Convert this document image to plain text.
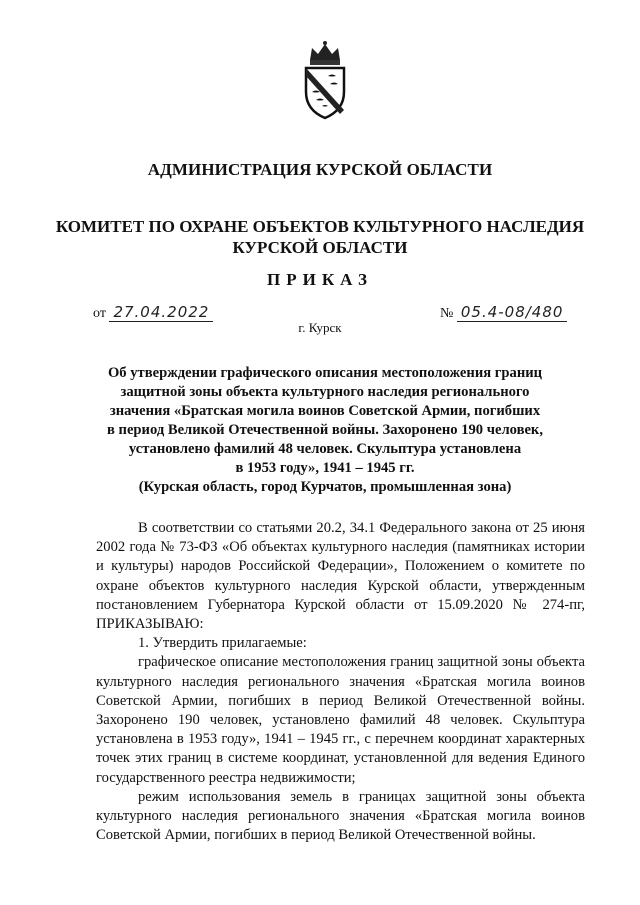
АДМИНИСТРАЦИЯ КУРСКОЙ ОБЛАСТИ
КОМИТЕТ ПО ОХРАНЕ ОБЪЕКТОВ КУЛЬТУРНОГО НАСЛЕДИЯ
КУРСКОЙ ОБЛАСТИ
ПРИКАЗ
от 27.04.2022	№ 05.4-08/480
г. Курск
Об утверждении графического описания местоположения границ
защитной зоны объекта культурного наследия регионального
значения «Братская могила воинов Советской Армии, погибших
в период Великой Отечественной войны. Захоронено 190 человек,
установлено фамилий 48 человек. Скульптура установлена
в 1953 году», 1941 – 1945 гг.
(Курская область, город Курчатов, промышленная зона)

В соответствии со статьями 20.2, 34.1 Федерального закона от 25 июня 2002 года № 73-ФЗ «Об объектах культурного наследия (памятниках истории и культуры) народов Российской Федерации», Положением о комитете по охране объектов культурного наследия Курской области, утвержденным постановлением Губернатора Курской области от 15.09.2020 № 274-пг, ПРИКАЗЫВАЮ:

1. Утвердить прилагаемые:

графическое описание местоположения границ защитной зоны объекта культурного наследия регионального значения «Братская могила воинов Советской Армии, погибших в период Великой Отечественной войны. Захоронено 190 человек, установлено фамилий 48 человек. Скульптура установлена в 1953 году», 1941 – 1945 гг., с перечнем координат характерных точек этих границ в системе координат, установленной для ведения Единого государственного реестра недвижимости;

режим использования земель в границах защитной зоны объекта культурного наследия регионального значения «Братская могила воинов Советской Армии, погибших в период Великой Отечественной войны.
